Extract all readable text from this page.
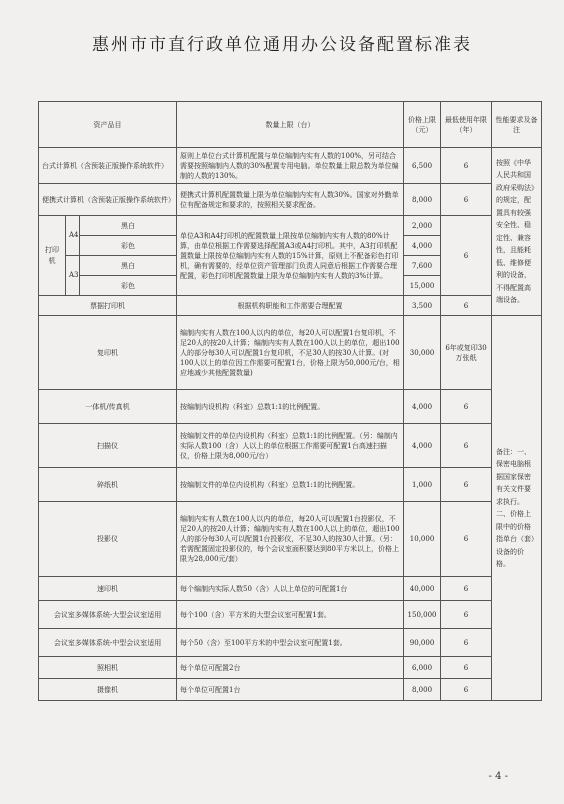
惠州市市直行政单位通用办公设备配置标准表
资产品目			数量上限（台）	价格上限（元）	最低使用年限（年）	性能要求及备注
台式计算机（含预装正版操作系统软件）			原则上单位台式计算机配置与单位编制内实有人数的100%，另可结合需要按照编制内人数的30%配置专用电脑。单位数量上限总数为单位编制的人数的130%。	6,500	6	按照《中华人民共和国政府采购法》的规定，配置具有较强安全性、稳定性、兼容性，且能耗低、维修便利的设备，不得配置高端设备。
便携式计算机（含预装正版操作系统软件）			便携式计算机配置数量上限为单位编制内实有人数30%。国家对外勤单位有配备规定和要求的，按照相关要求配备。	8,000	6	
打印机	A4	黑白	单位A3和A4打印机的配置数量上限按单位编制内实有人数的80%计算，由单位根据工作需要选择配置A3或A4打印机。其中，A3打印机配置数量上限按单位编制内实有人数的15%计算，原则上不配备彩色打印机，确有需要的，经单位资产管理部门负责人同意后根据工作需要合理配置，彩色打印机配置数量上限为单位编制内实有人数的3%计算。	2,000	6	
		彩色		4,000		
	A3	黑白		7,600		
		彩色		15,000		
票据打印机			根据机构职能和工作需要合理配置	3,500	6	
复印机			编制内实有人数在100人以内的单位，每20人可以配置1台复印机，不足20人的按20人计算；编制内实有人数在100人以上的单位，超出100人的部分每30人可以配置1台复印机，不足30人的按30人计算。(对100人以上的单位因工作需要可配置1台，价格上限为50,000元/台，相应地减少其他配置数量)	30,000	6年或复印30万张纸	备注：一、保密电脑根据国家保密有关文件要求执行。二、价格上限中的价格指单台（套）设备的价格。
一体机/传真机			按编制内设机构（科室）总数1:1的比例配置。	4,000	6	
扫描仪			按编制文件的单位内设机构（科室）总数1:1的比例配置。（另：编制内实际人数100（含）人以上的单位根据工作需要可配置1台高速扫描仪，价格上限为8,000元/台）	4,000	6	
碎纸机			按编制文件的单位内设机构（科室）总数1:1的比例配置。	1,000	6	
投影仪			编制内实有人数在100人以内的单位，每20人可以配置1台投影仪，不足20人的按20人计算；编制内实有人数在100人以上的单位，超出100人的部分每30人可以配置1台投影仪，不足30人的按30人计算。（另：若需配置固定投影仪的，每个会议室面积要达到80平方米以上，价格上限为28,000元/套）	10,000	6	
速印机			每个编制内实际人数50（含）人以上单位的可配置1台	40,000	6	
会议室多媒体系统-大型会议室适用			每个100（含）平方米的大型会议室可配置1套。	150,000	6	
会议室多媒体系统-中型会议室适用			每个50（含）至100平方米的中型会议室可配置1套。	90,000	6	
照相机			每个单位可配置2台	6,000	6	
摄像机			每个单位可配置1台	8,000	6	
- 4 -
